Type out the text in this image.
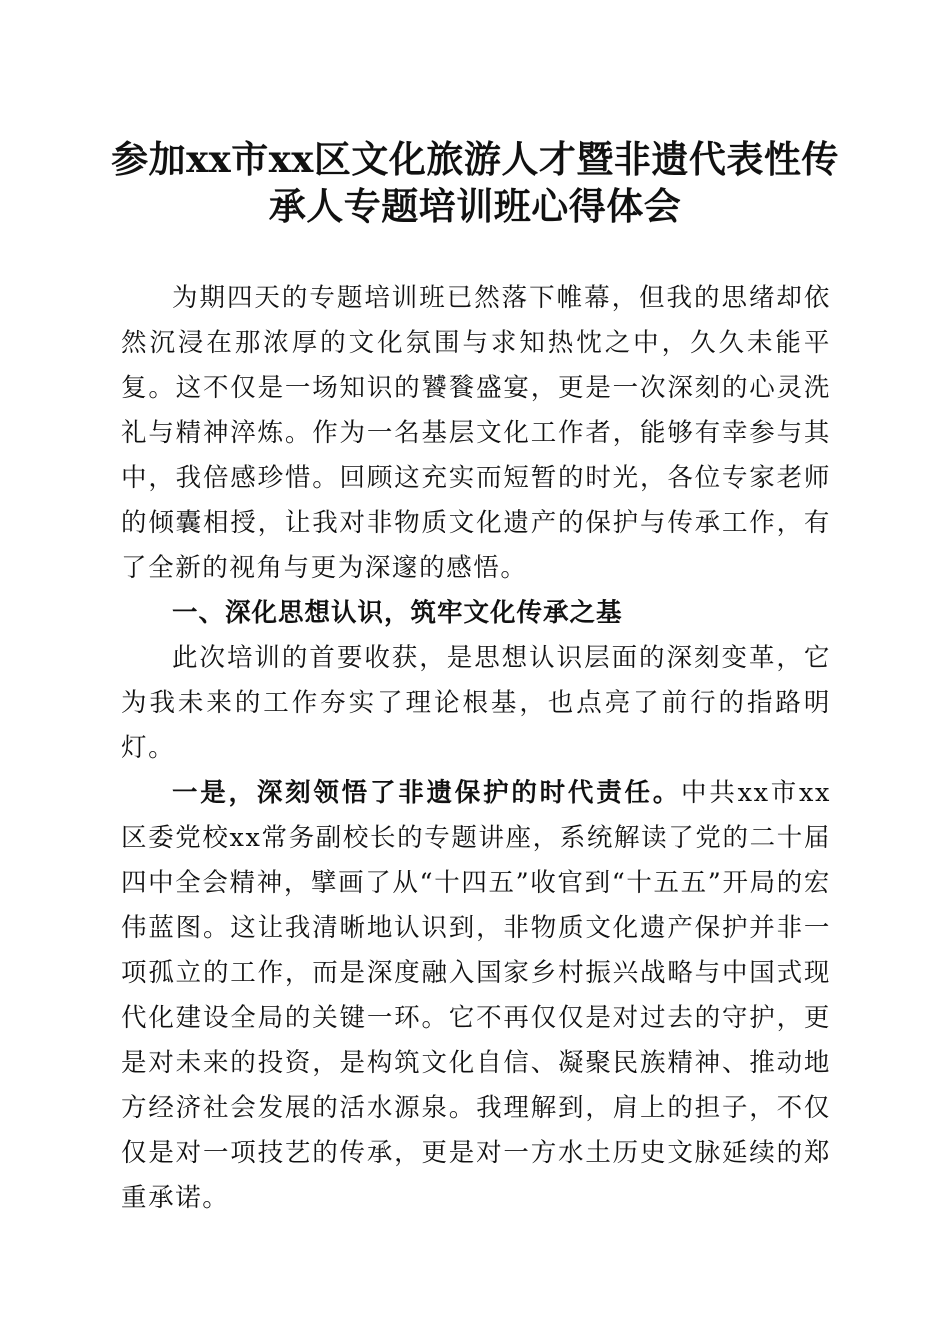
参加xx市xx区文化旅游人才暨非遗代表性传
承人专题培训班心得体会

为期四天的专题培训班已然落下帷幕，但我的思绪却依然沉浸在那浓厚的文化氛围与求知热忱之中，久久未能平复。这不仅是一场知识的饕餮盛宴，更是一次深刻的心灵洗礼与精神淬炼。作为一名基层文化工作者，能够有幸参与其中，我倍感珍惜。回顾这充实而短暂的时光，各位专家老师的倾囊相授，让我对非物质文化遗产的保护与传承工作，有了全新的视角与更为深邃的感悟。

一、深化思想认识，筑牢文化传承之基

此次培训的首要收获，是思想认识层面的深刻变革，它为我未来的工作夯实了理论根基，也点亮了前行的指路明灯。

一是，深刻领悟了非遗保护的时代责任。中共xx市xx区委党校xx常务副校长的专题讲座，系统解读了党的二十届四中全会精神，擘画了从“十四五”收官到“十五五”开局的宏伟蓝图。这让我清晰地认识到，非物质文化遗产保护并非一项孤立的工作，而是深度融入国家乡村振兴战略与中国式现代化建设全局的关键一环。它不再仅仅是对过去的守护，更是对未来的投资，是构筑文化自信、凝聚民族精神、推动地方经济社会发展的活水源泉。我理解到，肩上的担子，不仅仅是对一项技艺的传承，更是对一方水土历史文脉延续的郑重承诺。
